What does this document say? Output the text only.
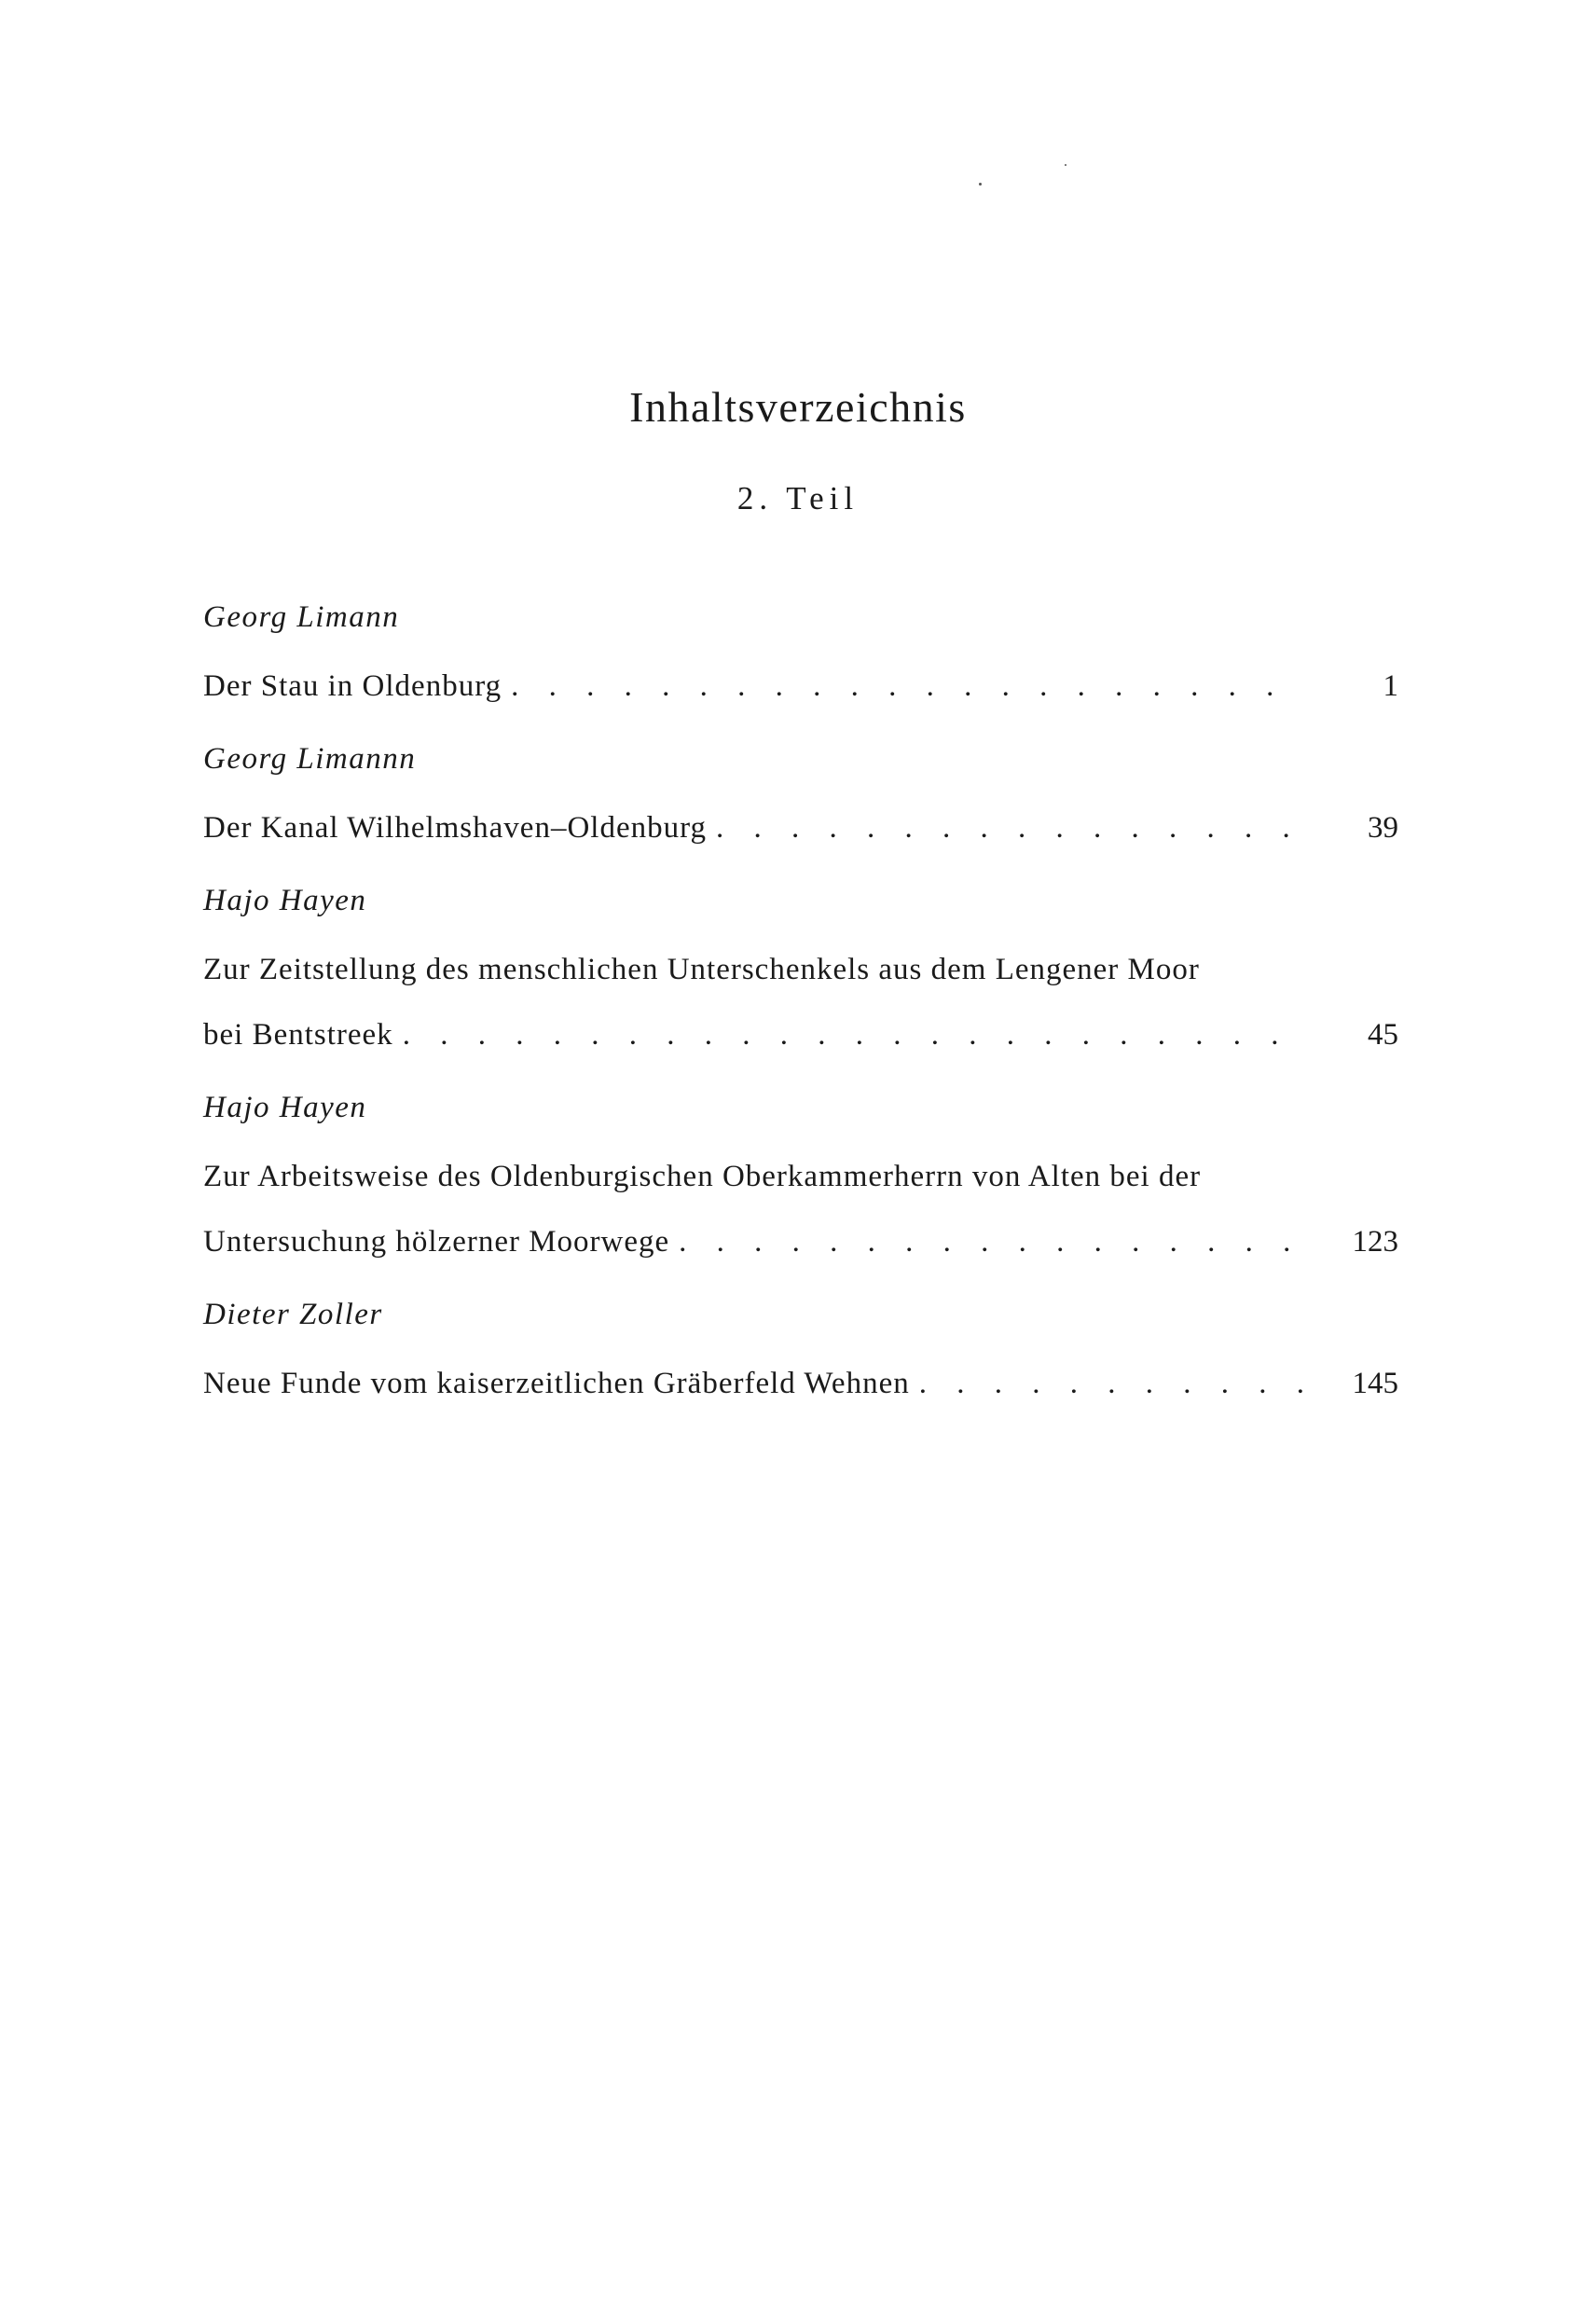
Inhaltsverzeichnis
2. Teil
Georg Limann
Der Stau in Oldenburg . . .	1
Georg Limannn
Der Kanal Wilhelmshaven–Oldenburg . . .	39
Hajo Hayen
Zur Zeitstellung des menschlichen Unterschenkels aus dem Lengener Moor
bei Bentstreek . . .	45
Hajo Hayen
Zur Arbeitsweise des Oldenburgischen Oberkammerherrn von Alten bei der
Untersuchung hölzerner Moorwege . . .	123
Dieter Zoller
Neue Funde vom kaiserzeitlichen Gräberfeld Wehnen . . .	145
